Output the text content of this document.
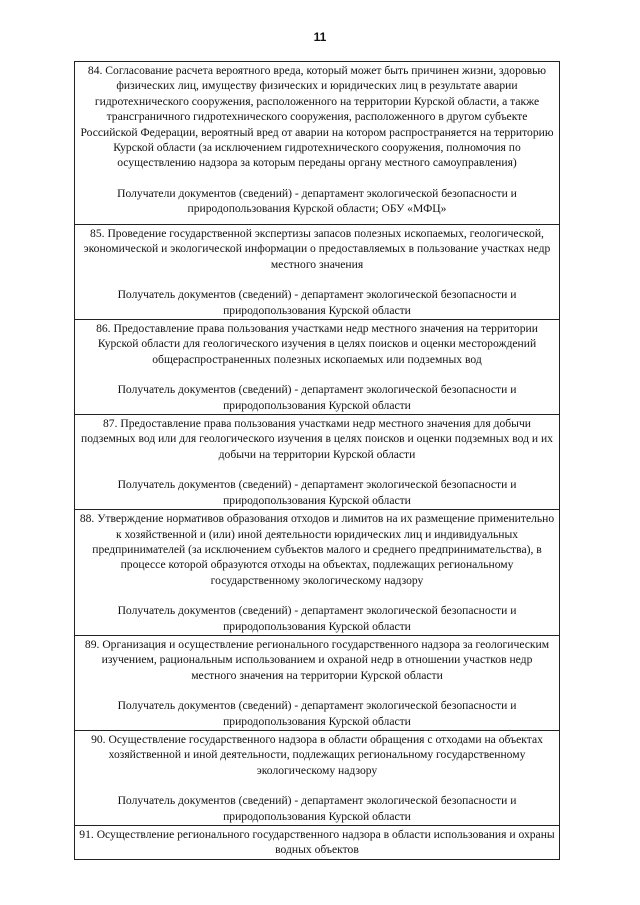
11
84. Согласование расчета вероятного вреда, который может быть причинен жизни, здоровью физических лиц, имуществу физических и юридических лиц в результате аварии гидротехнического сооружения, расположенного на территории Курской области, а также трансграничного гидротехнического сооружения, расположенного в другом субъекте Российской Федерации, вероятный вред от аварии на котором распространяется на территорию Курской области (за исключением гидротехнического сооружения, полномочия по осуществлению надзора за которым переданы органу местного самоуправления)
Получатели документов (сведений) - департамент экологической безопасности и природопользования Курской области; ОБУ «МФЦ»

85. Проведение государственной экспертизы запасов полезных ископаемых, геологической, экономической и экологической информации о предоставляемых в пользование участках недр местного значения
Получатель документов (сведений) - департамент экологической безопасности и природопользования Курской области

86. Предоставление права пользования участками недр местного значения на территории Курской области для геологического изучения в целях поисков и оценки месторождений общераспространенных полезных ископаемых или подземных вод
Получатель документов (сведений) - департамент экологической безопасности и природопользования Курской области

87. Предоставление права пользования участками недр местного значения для добычи подземных вод или для геологического изучения в целях поисков и оценки подземных вод и их добычи на территории Курской области
Получатель документов (сведений) - департамент экологической безопасности и природопользования Курской области

88. Утверждение нормативов образования отходов и лимитов на их размещение применительно к хозяйственной и (или) иной деятельности юридических лиц и индивидуальных предпринимателей (за исключением субъектов малого и среднего предпринимательства), в процессе которой образуются отходы на объектах, подлежащих региональному государственному экологическому надзору
Получатель документов (сведений) - департамент экологической безопасности и природопользования Курской области

89. Организация и осуществление регионального государственного надзора за геологическим изучением, рациональным использованием и охраной недр в отношении участков недр местного значения на территории Курской области
Получатель документов (сведений) - департамент экологической безопасности и природопользования Курской области

90. Осуществление государственного надзора в области обращения с отходами на объектах хозяйственной и иной деятельности, подлежащих региональному государственному экологическому надзору
Получатель документов (сведений) - департамент экологической безопасности и природопользования Курской области

91. Осуществление регионального государственного надзора в области использования и охраны водных объектов
